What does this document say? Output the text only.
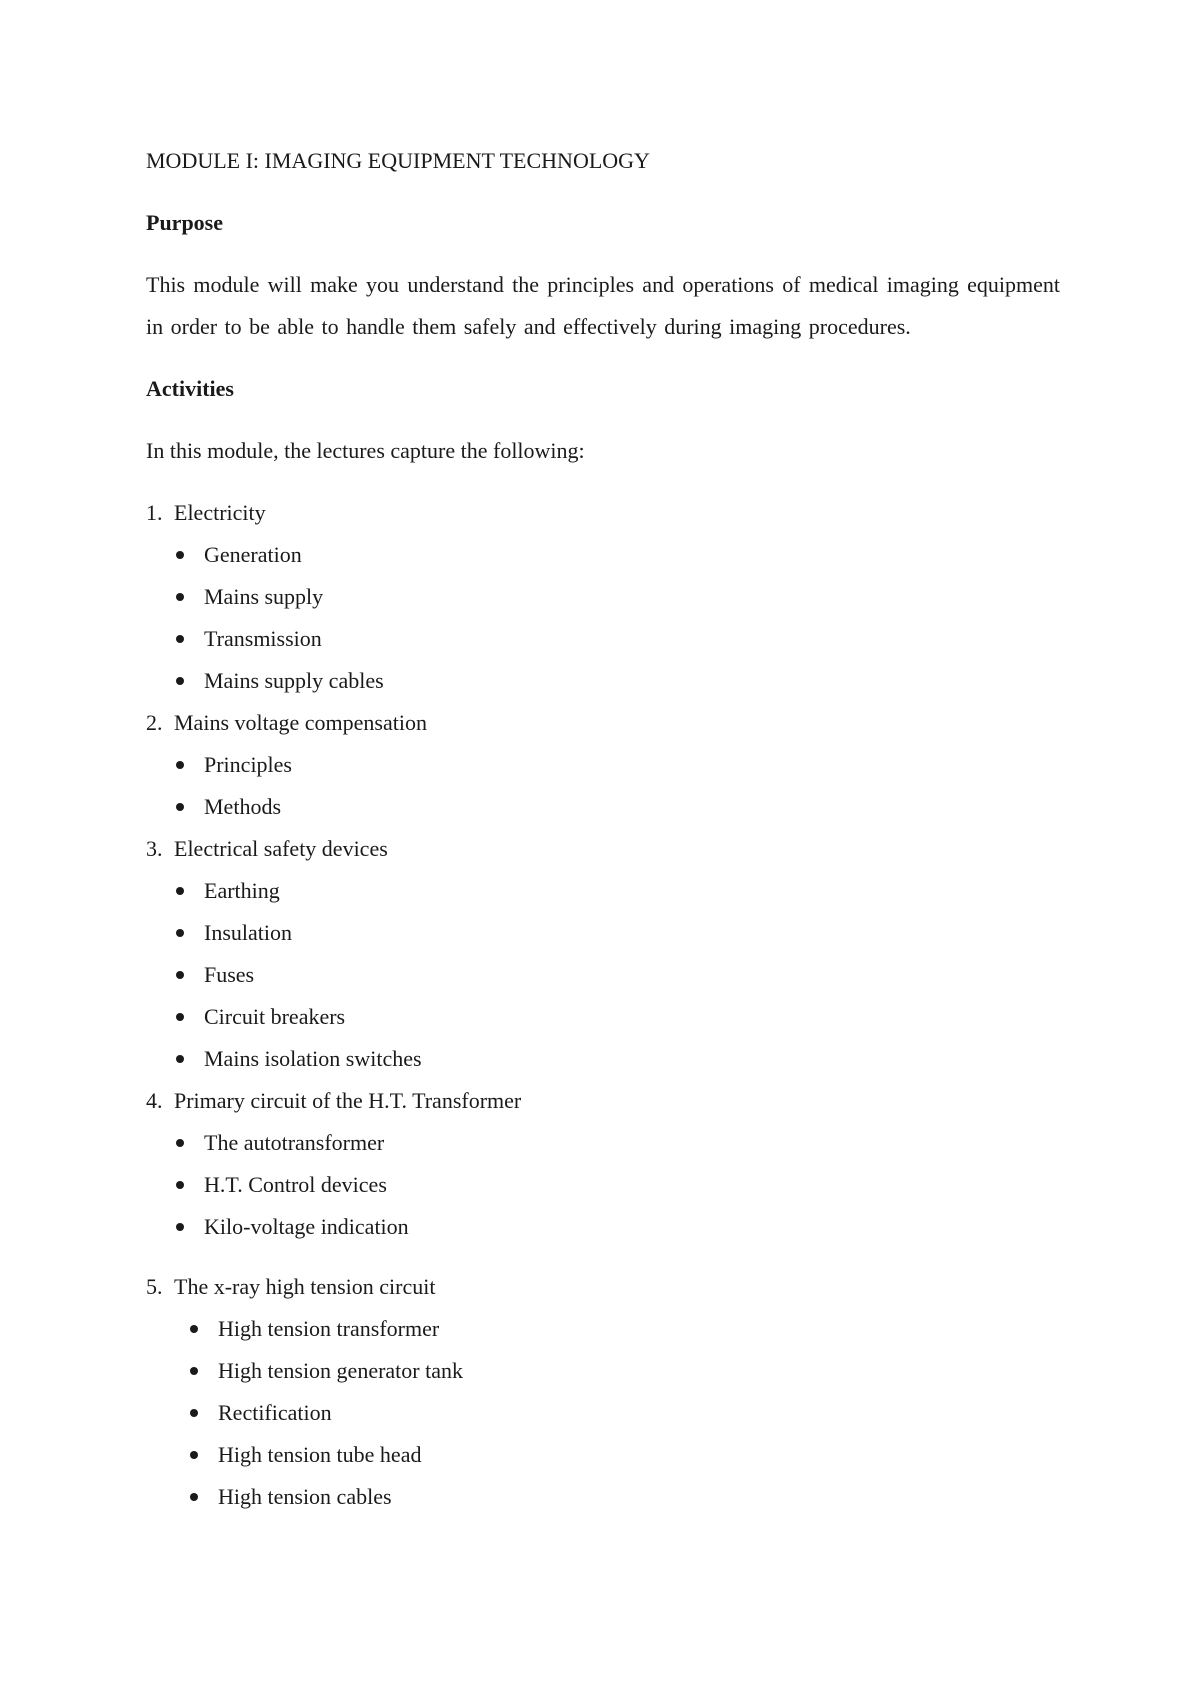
MODULE I: IMAGING EQUIPMENT TECHNOLOGY

Purpose

This module will make you understand the principles and operations of medical imaging equipment in order to be able to handle them safely and effectively during imaging procedures.

Activities

In this module, the lectures capture the following:

1. Electricity
Generation
Mains supply
Transmission
Mains supply cables
2. Mains voltage compensation
Principles
Methods
3. Electrical safety devices
Earthing
Insulation
Fuses
Circuit breakers
Mains isolation switches
4. Primary circuit of the H.T. Transformer
The autotransformer
H.T. Control devices
Kilo-voltage indication
5. The x-ray high tension circuit
High tension transformer
High tension generator tank
Rectification
High tension tube head
High tension cables
